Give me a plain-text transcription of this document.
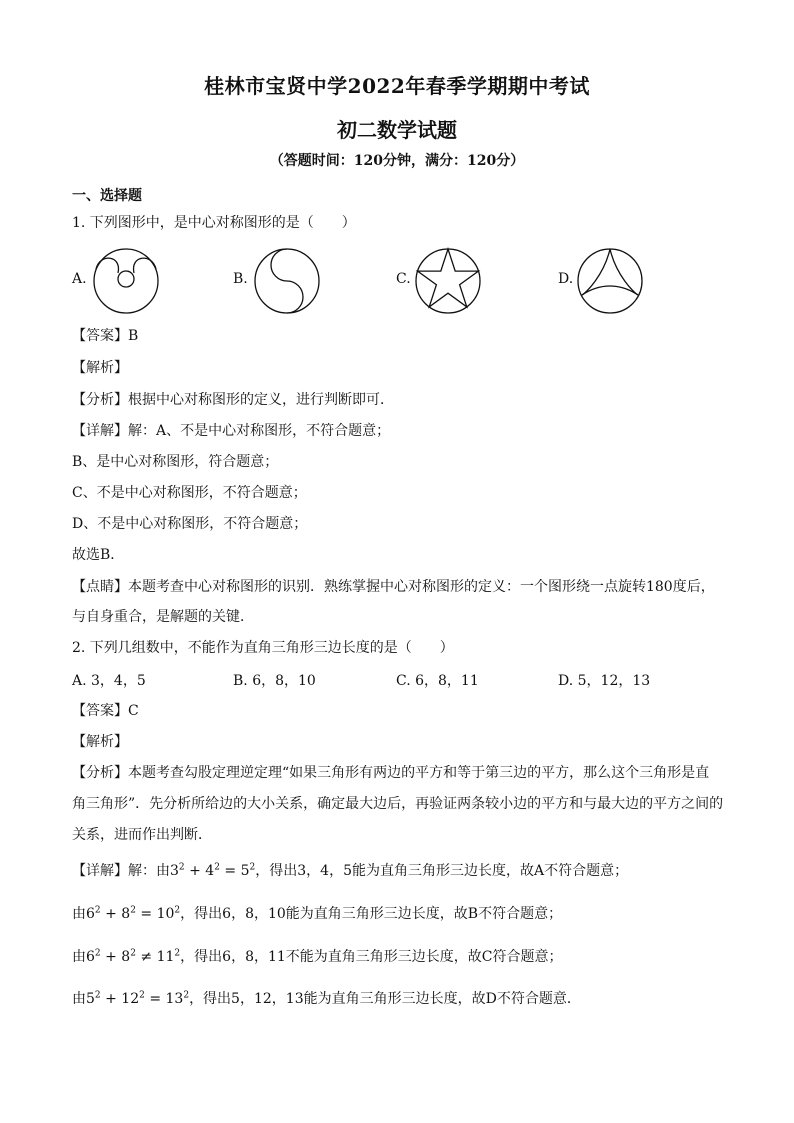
桂林市宝贤中学2022年春季学期期中考试
初二数学试题
（答题时间：120分钟，满分：120分）
一、选择题
1. 下列图形中，是中心对称图形的是（　　）
A.	B.	C.	D.
【答案】B
【解析】
【分析】根据中心对称图形的定义，进行判断即可．
【详解】解：A、不是中心对称图形，不符合题意；
B、是中心对称图形，符合题意；
C、不是中心对称图形，不符合题意；
D、不是中心对称图形，不符合题意；
故选B．
【点睛】本题考查中心对称图形的识别．熟练掌握中心对称图形的定义：一个图形绕一点旋转180度后，
与自身重合，是解题的关键．
2. 下列几组数中，不能作为直角三角形三边长度的是（　　）
A. 3，4，5	B. 6，8，10	C. 6，8，11	D. 5，12，13
【答案】C
【解析】
【分析】本题考查勾股定理逆定理“如果三角形有两边的平方和等于第三边的平方，那么这个三角形是直
角三角形”．先分析所给边的大小关系，确定最大边后，再验证两条较小边的平方和与最大边的平方之间的
关系，进而作出判断．
【详解】解：由$3^2 + 4^2 = 5^2$，得出3，4，5能为直角三角形三边长度，故A不符合题意；
由$6^2 + 8^2 = 10^2$，得出6，8，10能为直角三角形三边长度，故B不符合题意；
由$6^2 + 8^2 \ne 11^2$，得出6，8，11不能为直角三角形三边长度，故C符合题意；
由$5^2 + 12^2 = 13^2$，得出5，12，13能为直角三角形三边长度，故D不符合题意．
